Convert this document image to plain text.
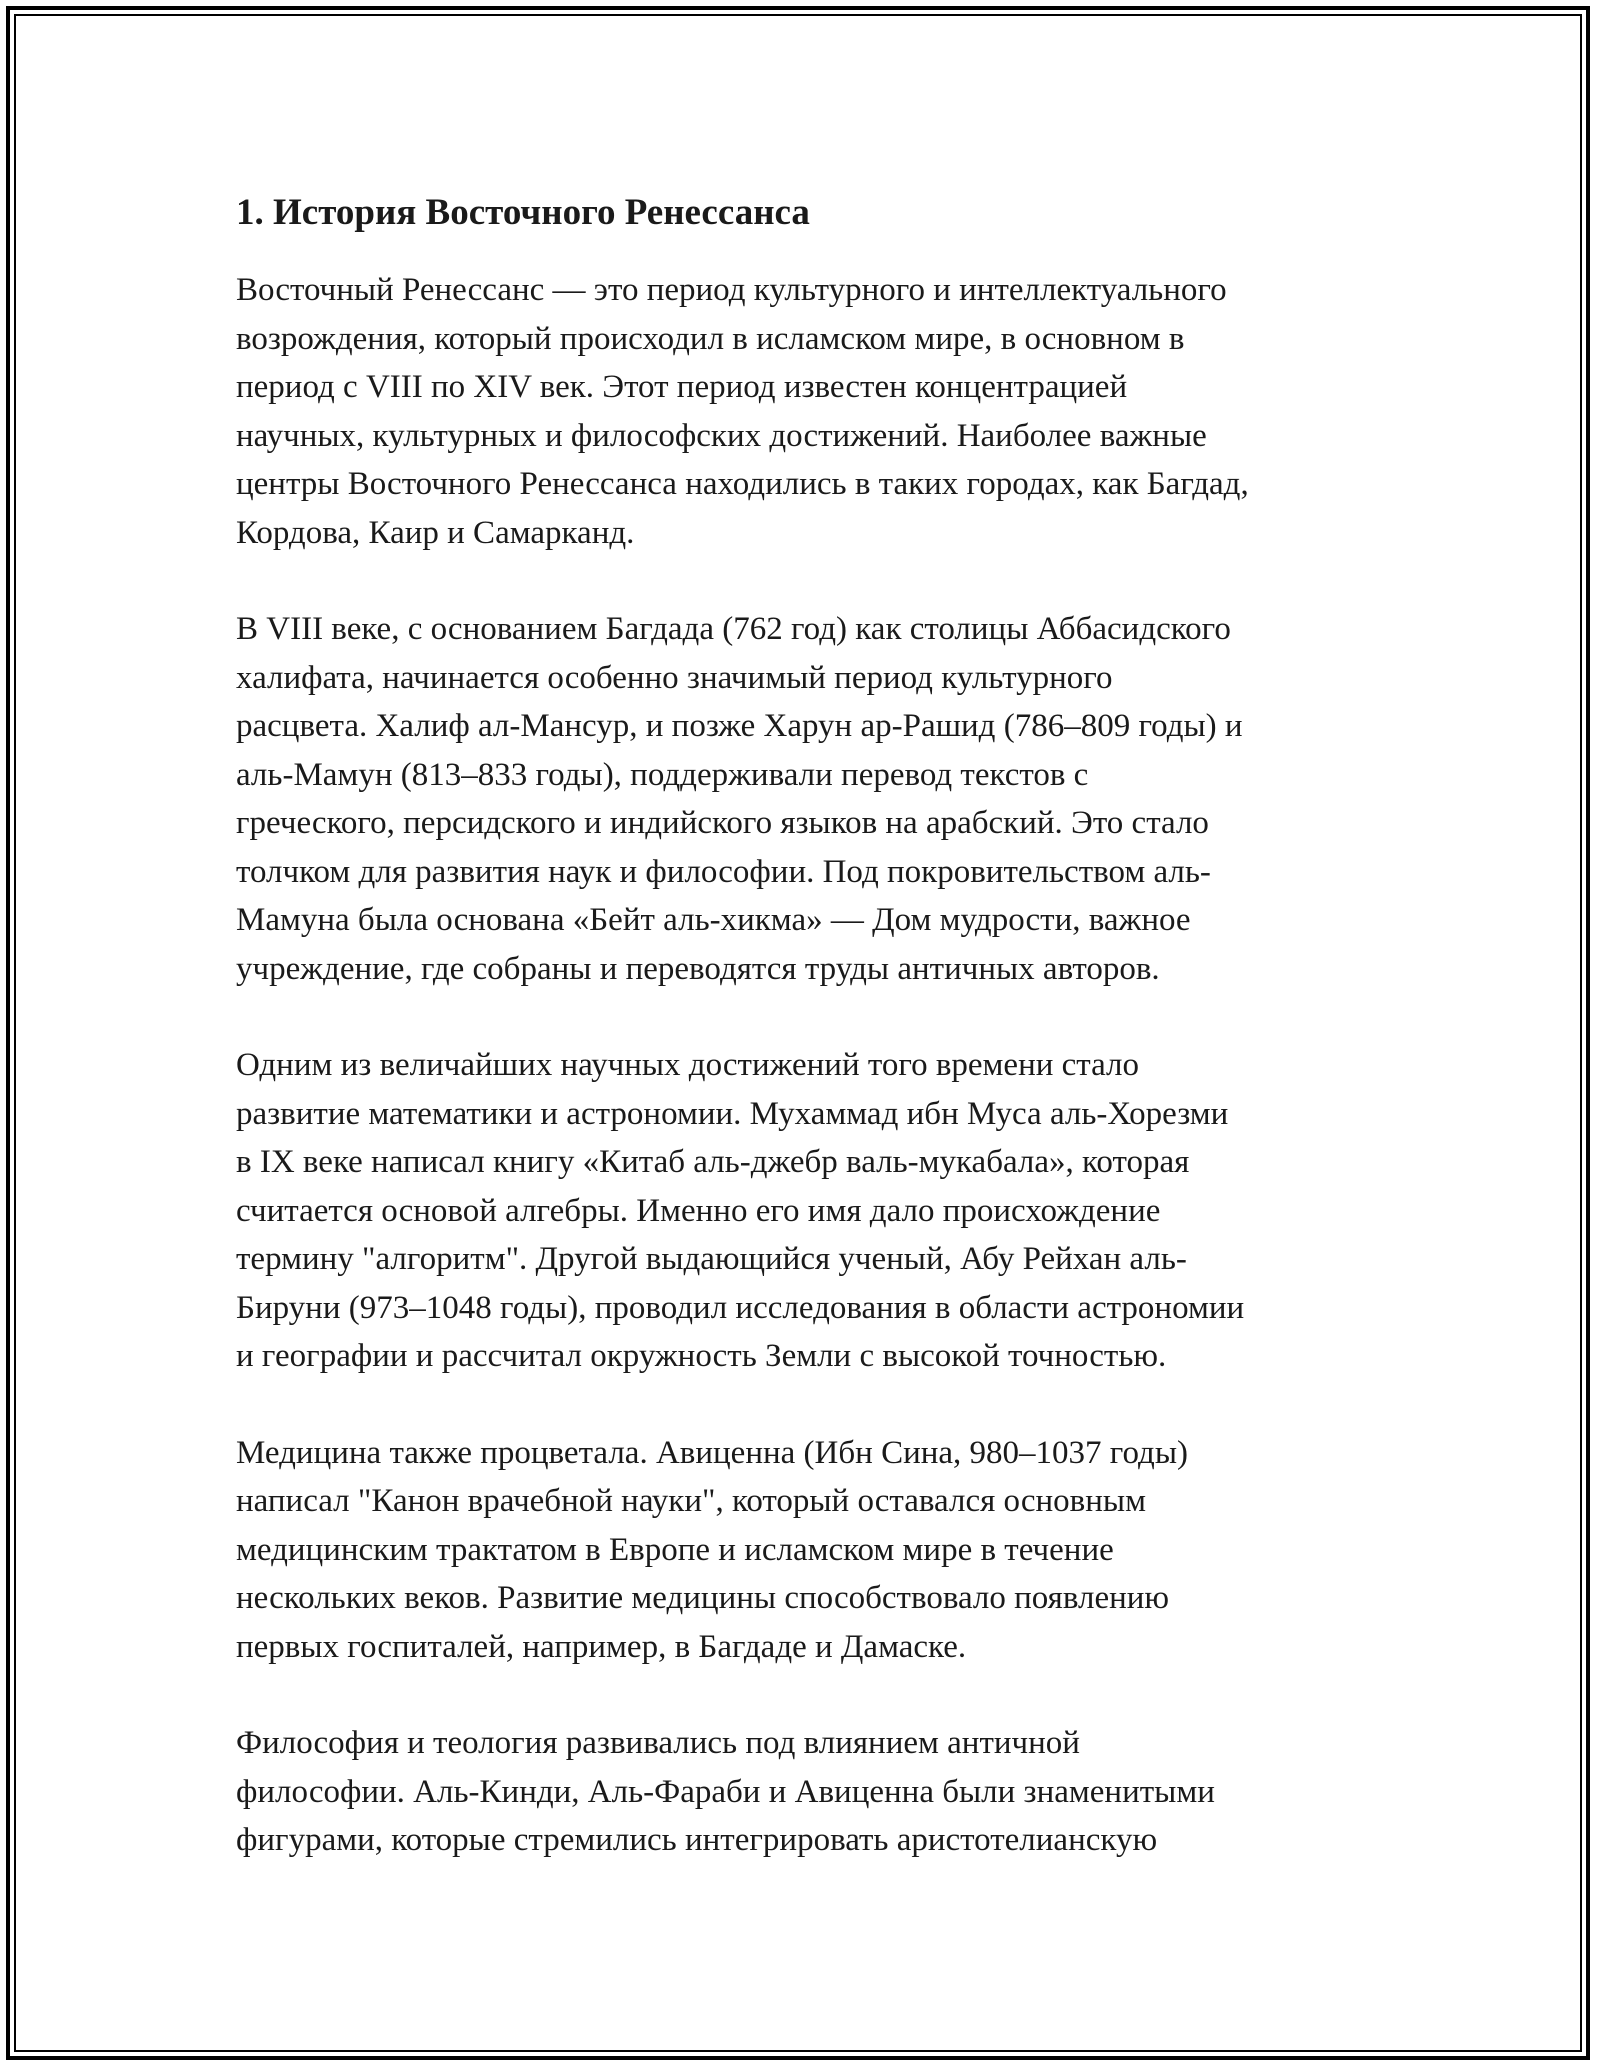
1. История Восточного Ренессанса

Восточный Ренессанс — это период культурного и интеллектуального
возрождения, который происходил в исламском мире, в основном в
период с VIII по XIV век. Этот период известен концентрацией
научных, культурных и философских достижений. Наиболее важные
центры Восточного Ренессанса находились в таких городах, как Багдад,
Кордова, Каир и Самарканд.

В VIII веке, с основанием Багдада (762 год) как столицы Аббасидского
халифата, начинается особенно значимый период культурного
расцвета. Халиф ал-Мансур, и позже Харун ар-Рашид (786–809 годы) и
аль-Мамун (813–833 годы), поддерживали перевод текстов с
греческого, персидского и индийского языков на арабский. Это стало
толчком для развития наук и философии. Под покровительством аль-
Мамуна была основана «Бейт аль-хикма» — Дом мудрости, важное
учреждение, где собраны и переводятся труды античных авторов.

Одним из величайших научных достижений того времени стало
развитие математики и астрономии. Мухаммад ибн Муса аль-Хорезми
в IX веке написал книгу «Китаб аль-джебр валь-мукабала», которая
считается основой алгебры. Именно его имя дало происхождение
термину "алгоритм". Другой выдающийся ученый, Абу Рейхан аль-
Бируни (973–1048 годы), проводил исследования в области астрономии
и географии и рассчитал окружность Земли с высокой точностью.

Медицина также процветала. Авиценна (Ибн Сина, 980–1037 годы)
написал "Канон врачебной науки", который оставался основным
медицинским трактатом в Европе и исламском мире в течение
нескольких веков. Развитие медицины способствовало появлению
первых госпиталей, например, в Багдаде и Дамаске.

Философия и теология развивались под влиянием античной
философии. Аль-Кинди, Аль-Фараби и Авиценна были знаменитыми
фигурами, которые стремились интегрировать аристотелианскую
